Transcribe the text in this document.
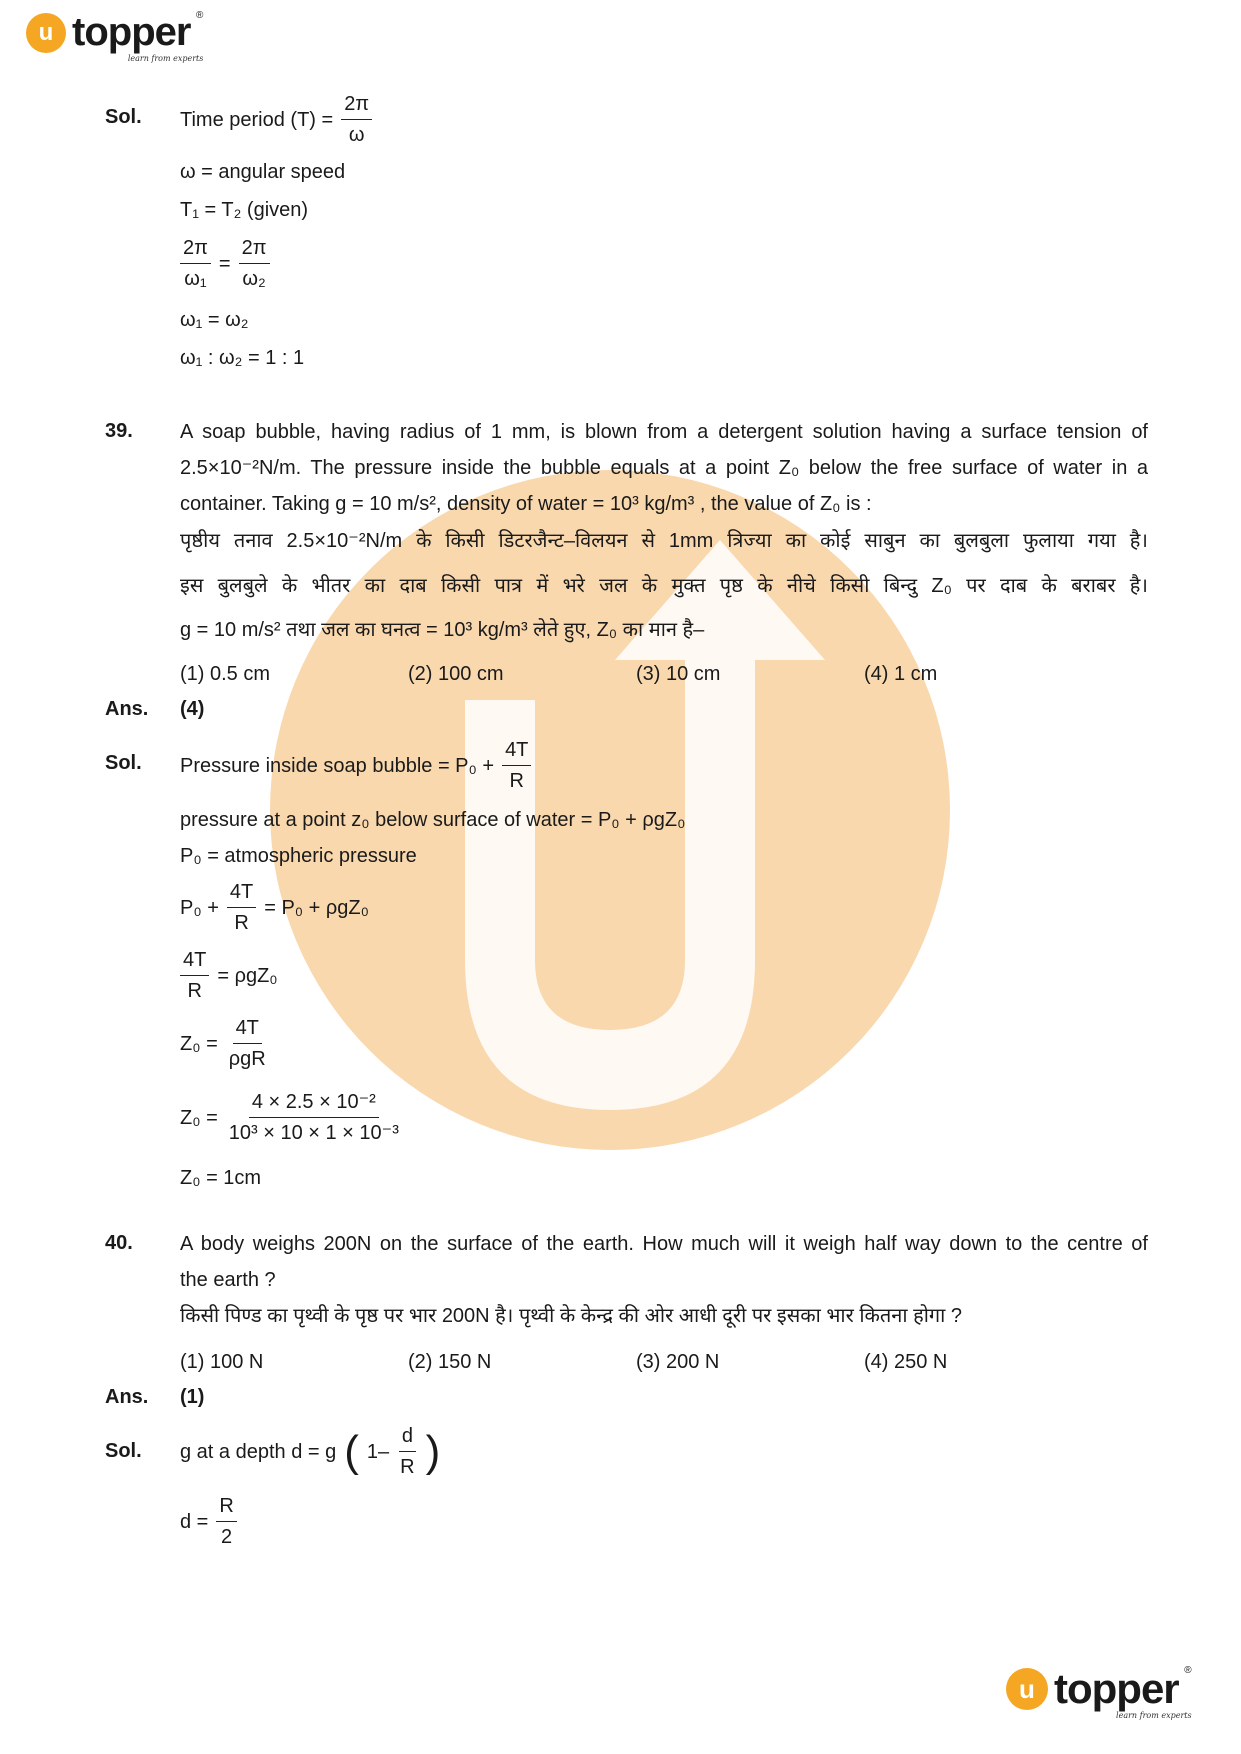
u topper ®
learn from experts
Sol. Time period $(T) = \frac{2\pi}{\omega}$
ω = angular speed
T₁ = T₂ (given)
$\frac{2\pi}{\text{ω₁}} = \frac{2\pi}{\text{ω₂}}$
ω₁ = ω₂
ω₁ : ω₂ = 1 : 1
39. A soap bubble, having radius of 1 mm, is blown from a detergent solution having a surface tension of
2.5×10⁻²N/m. The pressure inside the bubble equals at a point Z₀ below the free surface of water in a
container. Taking g = 10 m/s², density of water = 10³ kg/m³ , the value of Z₀ is :
पृष्ठीय तनाव 2.5×10⁻²N/m के किसी डिटरजैन्ट–विलयन से 1mm त्रिज्या का कोई साबुन का बुलबुला फुलाया गया है।
इस बुलबुले के भीतर का दाब किसी पात्र में भरे जल के मुक्त पृष्ठ के नीचे किसी बिन्दु Z₀ पर दाब के बराबर है।
g = 10 m/s² तथा जल का घनत्व = 10³ kg/m³ लेते हुए, Z₀ का मान है–
(1) 0.5 cm	(2) 100 cm	(3) 10 cm	(4) 1 cm
Ans. (4)
Sol. Pressure inside soap bubble = $P_0 + \frac{4T}{R}$
pressure at a point z₀ below surface of water = P₀ + ρgZ₀
P₀ = atmospheric pressure
$P_0 + \frac{4T}{R} = P_0 + \rho gZ_0$
$\frac{4T}{R} = \rho gZ_0$
$Z_0 = \frac{4T}{\text{ρgR}}$
$Z_0 = \frac{\text{4 × 2.5 × 10⁻²}}{\text{10³ × 10 × 1 × 10⁻³}}$
Z₀ = 1cm
40. A body weighs 200N on the surface of the earth. How much will it weigh half way down to the centre of
the earth ?
किसी पिण्ड का पृथ्वी के पृष्ठ पर भार 200N है। पृथ्वी के केन्द्र की ओर आधी दूरी पर इसका भार कितना होगा ?
(1) 100 N	(2) 150 N	(3) 200 N	(4) 250 N
Ans. (1)
Sol. g at a depth d = g ( $1- \frac{d}{R}$ )
$d = \frac{R}{2}$
u topper ®
learn from experts
